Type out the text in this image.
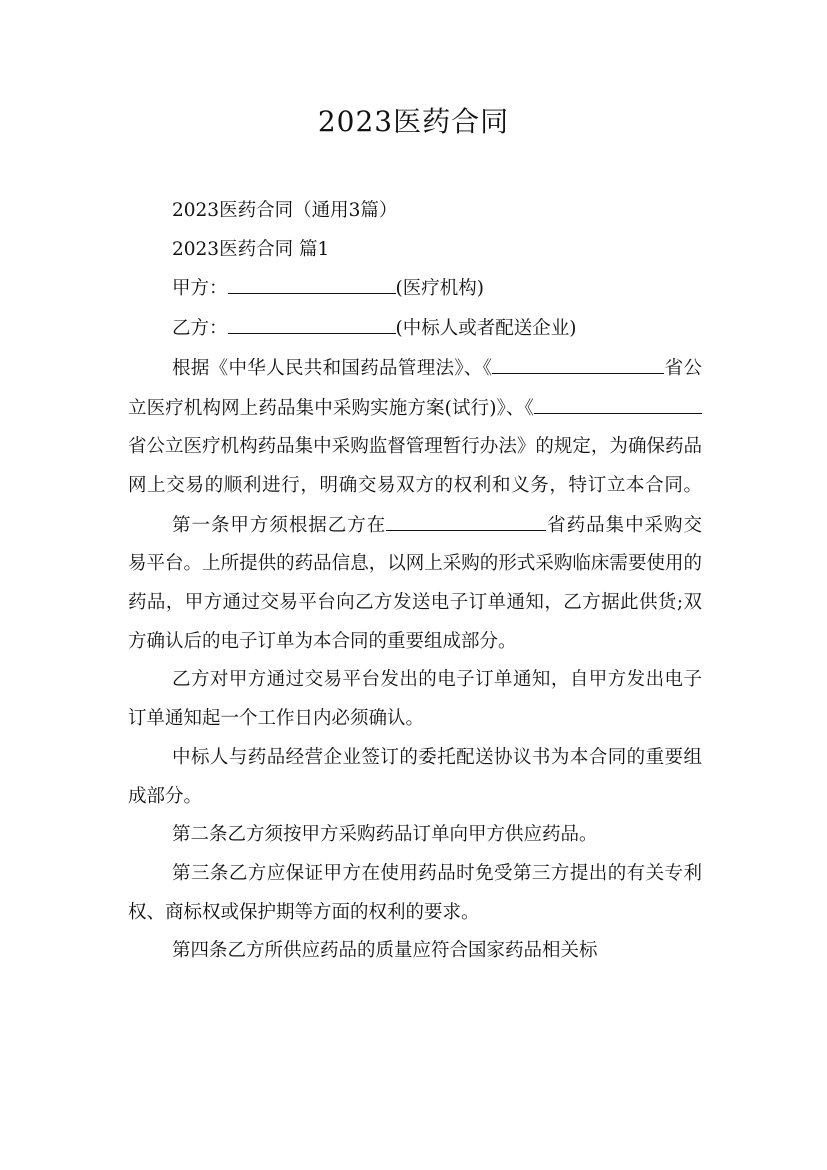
2023医药合同

2023医药合同（通用3篇）

2023医药合同 篇1

甲方：	(医疗机构)

乙方：	(中标人或者配送企业)

根据《中华人民共和国药品管理法》、《	省公立医疗机构网上药品集中采购实施方案(试行)》、《省公立医疗机构药品集中采购监督管理暂行办法》的规定，为确保药品网上交易的顺利进行，明确交易双方的权利和义务，特订立本合同。

第一条甲方须根据乙方在	省药品集中采购交易平台。上所提供的药品信息，以网上采购的形式采购临床需要使用的药品，甲方通过交易平台向乙方发送电子订单通知，乙方据此供货;双方确认后的电子订单为本合同的重要组成部分。

乙方对甲方通过交易平台发出的电子订单通知，自甲方发出电子订单通知起一个工作日内必须确认。

中标人与药品经营企业签订的委托配送协议书为本合同的重要组成部分。

第二条乙方须按甲方采购药品订单向甲方供应药品。

第三条乙方应保证甲方在使用药品时免受第三方提出的有关专利权、商标权或保护期等方面的权利的要求。

第四条乙方所供应药品的质量应符合国家药品相关标
